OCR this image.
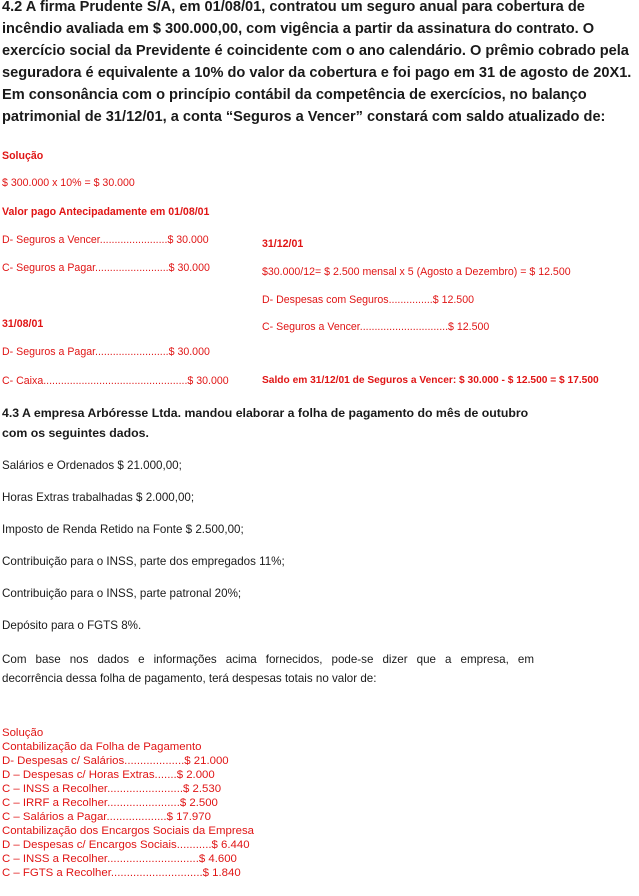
4.2 A firma Prudente S/A, em 01/08/01, contratou um seguro anual para cobertura de
incêndio avaliada em $ 300.000,00, com vigência a partir da assinatura do contrato. O
exercício social da Previdente é coincidente com o ano calendário. O prêmio cobrado pela
seguradora é equivalente a 10% do valor da cobertura e foi pago em 31 de agosto de 20X1.
Em consonância com o princípio contábil da competência de exercícios, no balanço
patrimonial de 31/12/01, a conta “Seguros a Vencer” constará com saldo atualizado de:
Solução
$ 300.000 x 10% = $ 30.000
Valor pago Antecipadamente em 01/08/01
D- Seguros a Vencer.......................$ 30.000
C- Seguros a Pagar.........................$ 30.000
31/08/01
D- Seguros a Pagar.........................$ 30.000
C- Caixa.................................................$ 30.000
31/12/01
$30.000/12= $ 2.500 mensal x 5 (Agosto a Dezembro) = $ 12.500
D- Despesas com Seguros...............$ 12.500
C- Seguros a Vencer..............................$ 12.500
Saldo em 31/12/01 de Seguros a Vencer: $ 30.000 - $ 12.500 = $ 17.500
4.3 A empresa Arbóresse Ltda. mandou elaborar a folha de pagamento do mês de outubro
com os seguintes dados.
Salários e Ordenados $ 21.000,00;
Horas Extras trabalhadas $ 2.000,00;
Imposto de Renda Retido na Fonte $ 2.500,00;
Contribuição para o INSS, parte dos empregados 11%;
Contribuição para o INSS, parte patronal 20%;
Depósito para o FGTS 8%.
Com base nos dados e informações acima fornecidos, pode-se dizer que a empresa, em
decorrência dessa folha de pagamento, terá despesas totais no valor de:
Solução
Contabilização da Folha de Pagamento
D- Despesas c/ Salários...................$ 21.000
D – Despesas c/ Horas Extras.......$ 2.000
C – INSS a Recolher........................$ 2.530
C – IRRF a Recolher.......................$ 2.500
C – Salários a Pagar...................$ 17.970
Contabilização dos Encargos Sociais da Empresa
D – Despesas c/ Encargos Sociais...........$ 6.440
C – INSS a Recolher.............................$ 4.600
C – FGTS a Recolher.............................$ 1.840
